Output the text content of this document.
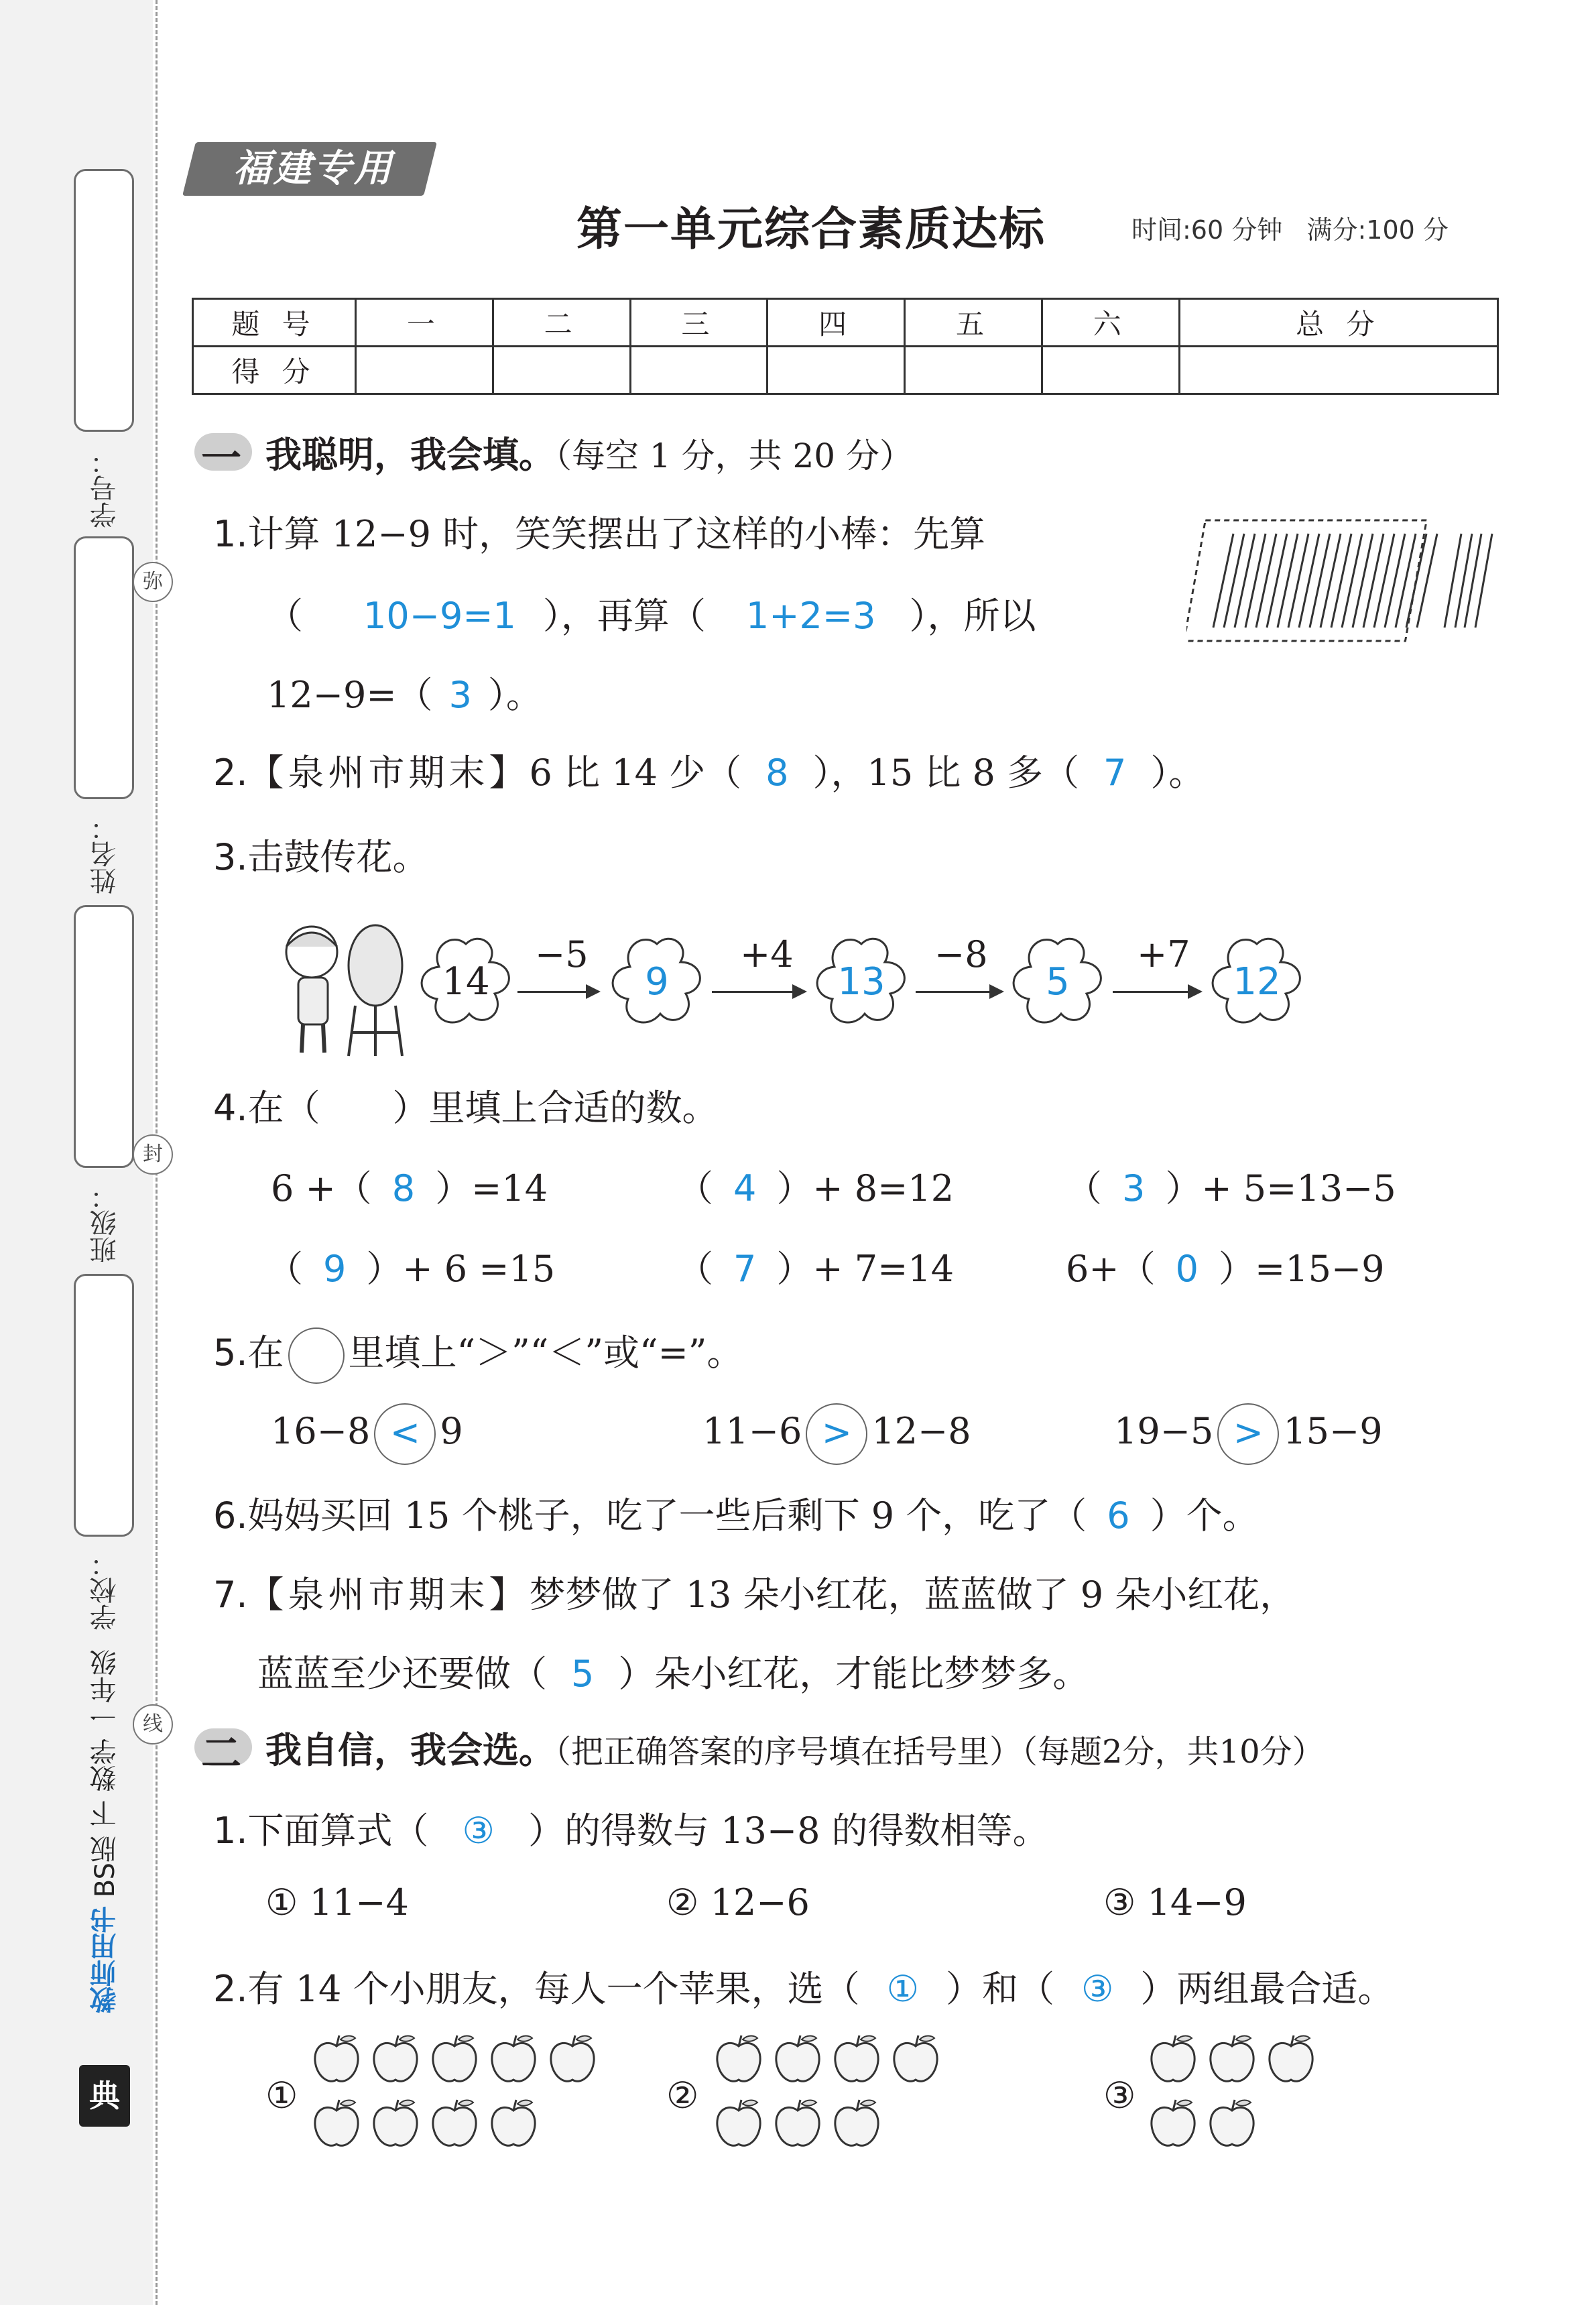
学号：
姓名：
班级：
学校：
弥
封
线
教师用书 BS版 下 数学 一年级
典
福建专用
第一单元综合素质达标	时间:60 分钟 满分:100 分
题 号	一	二	三	四	五	六	总 分
得 分							
一 我聪明，我会填。（每空 1 分，共 20 分）
1.计算 12−9 时，笑笑摆出了这样的小棒：先算
（ 10−9=1 ），再算（ 1+2=3 ），所以
12−9=（ 3 ）。
2.【泉州市期末】6 比 14 少（ 8 ），15 比 8 多（ 7 ）。
3.击鼓传花。
14
−5
9
+4
13
−8
5
+7
12
4.在（　　）里填上合适的数。
6 +（ 8 ）=14	（ 4 ）+ 8=12	（ 3 ）+ 5=13−5
（ 9 ）+ 6 =15	（ 7 ）+ 7=14	6+（ 0 ）=15−9
5.在 里填上“＞”“＜”或“=”。
16−8 < 9	11−6 > 12−8	19−5 > 15−9
6.妈妈买回 15 个桃子，吃了一些后剩下 9 个，吃了（ 6 ）个。
7.【泉州市期末】梦梦做了 13 朵小红花，蓝蓝做了 9 朵小红花，
蓝蓝至少还要做（ 5 ）朵小红花，才能比梦梦多。
二 我自信，我会选。（把正确答案的序号填在括号里）（每题2分，共10分）
1.下面算式（ ③ ）的得数与 13−8 的得数相等。
① 11−4	② 12−6	③ 14−9
2.有 14 个小朋友，每人一个苹果，选（ ① ）和（ ③ ）两组最合适。
①	②	③
